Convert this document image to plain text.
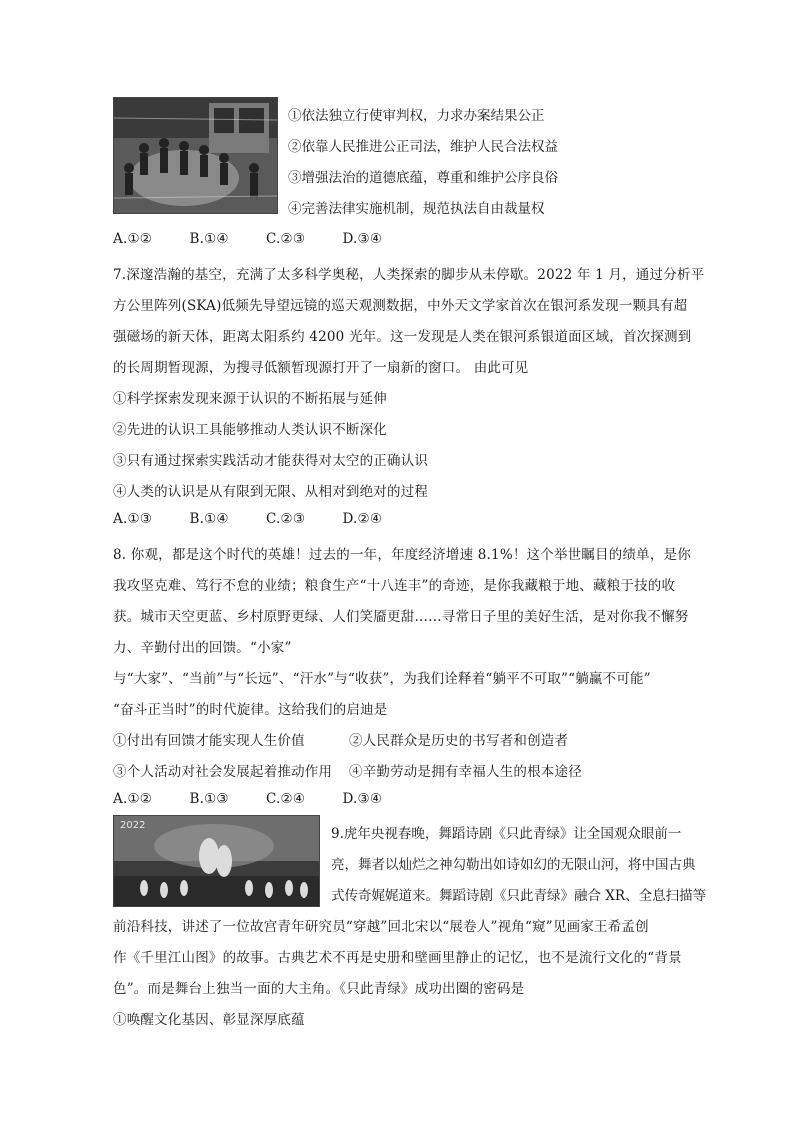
①依法独立行使审判权，力求办案结果公正
②依靠人民推进公正司法，维护人民合法权益
③增强法治的道德底蕴，尊重和维护公序良俗
④完善法律实施机制，规范执法自由裁量权
A.①②	B.①④	C.②③	D.③④
7.深邃浩瀚的基空，充满了太多科学奥秘，人类探索的脚步从未停歇。2022 年 1 月，通过分析平
方公里阵列(SKA)低频先导望远镜的巡天观测数据，中外天文学家首次在银河系发现一颗具有超
强磁场的新天体，距离太阳系约 4200 光年。这一发现是人类在银河系银道面区域，首次探测到
的长周期暂现源，为搜寻低额暂现源打开了一扇新的窗口。 由此可见
①科学探索发现来源于认识的不断拓展与延伸
②先进的认识工具能够推动人类认识不断深化
③只有通过探索实践活动才能获得对太空的正确认识
④人类的认识是从有限到无限、从相对到绝对的过程
A.①③	B.①④	C.②③	D.②④
8. 你观，都是这个时代的英雄！过去的一年，年度经济增速 8.1%！这个举世瞩目的绩单，是你
我攻坚克难、笃行不怠的业绩；粮食生产“十八连丰”的奇迹，是你我藏粮于地、藏粮于技的收
获。城市天空更蓝、乡村原野更绿、人们笑靥更甜……寻常日子里的美好生活，是对你我不懈努
力、辛勤付出的回馈。“小家”
与“大家”、“当前”与“长远”、“汗水”与“收获”，为我们诠释着“躺平不可取”“躺赢不可能”
“奋斗正当时”的时代旋律。这给我们的启迪是
①付出有回馈才能实现人生价值	②人民群众是历史的书写者和创造者
③个人活动对社会发展起着推动作用 ④辛勤劳动是拥有幸福人生的根本途径
A.①②	B.①③	C.②④	D.③④
2022
9.虎年央视春晚，舞蹈诗剧《只此青绿》让全国观众眼前一
亮，舞者以灿烂之神勾勒出如诗如幻的无限山河，将中国古典
式传奇娓娓道来。舞蹈诗剧《只此青绿》融合 XR、全息扫描等
前沿科技，讲述了一位故宫青年研究员“穿越”回北宋以“展卷人”视角“窥”见画家王希孟创
作《千里江山图》的故事。古典艺术不再是史册和壁画里静止的记忆，也不是流行文化的“背景
色”。而是舞台上独当一面的大主角。《只此青绿》成功出圈的密码是
①唤醒文化基因、彰显深厚底蕴
